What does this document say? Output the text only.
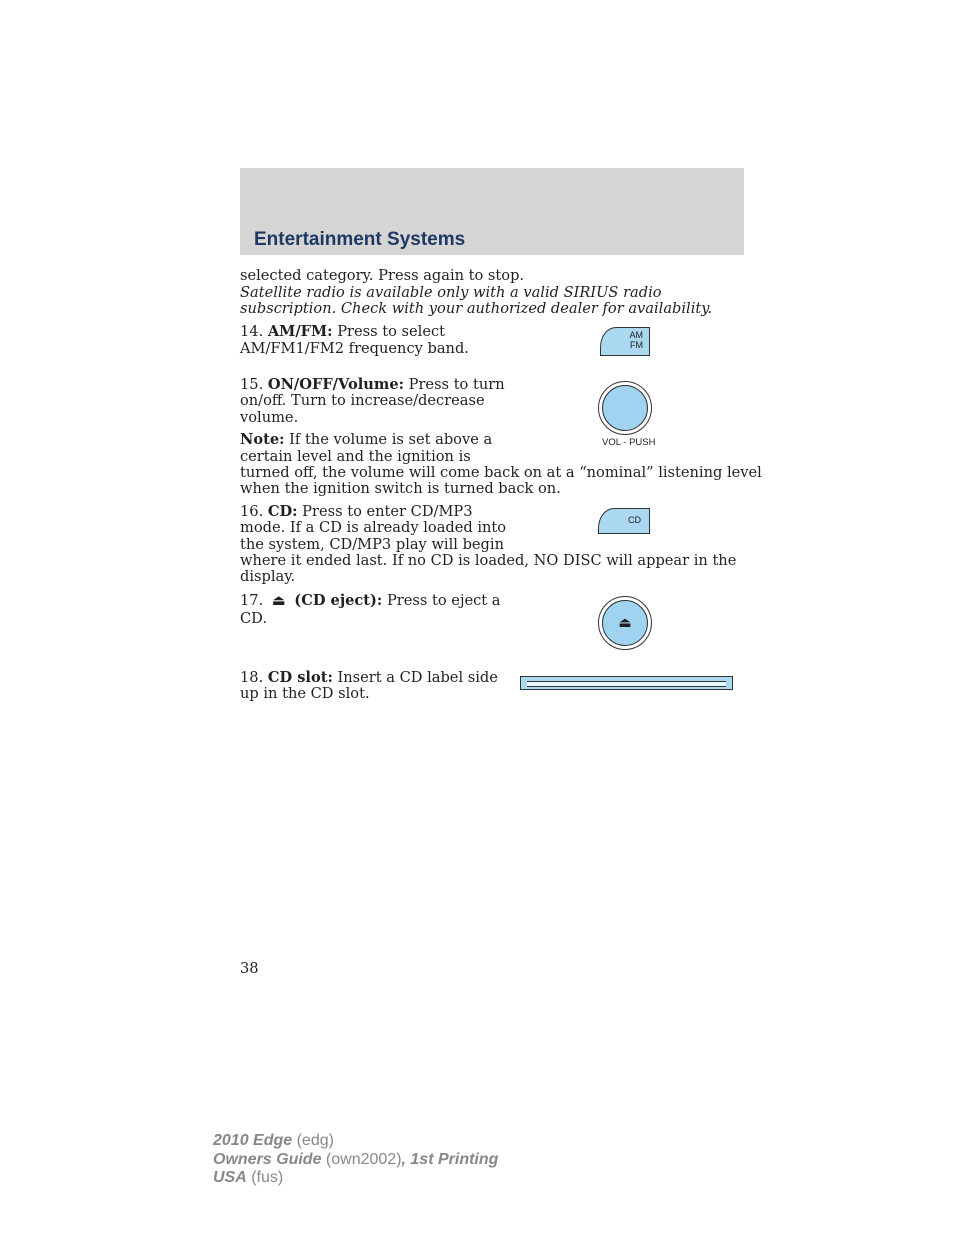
Entertainment Systems
selected category. Press again to stop.
Satellite radio is available only with a valid SIRIUS radio
subscription. Check with your authorized dealer for availability.
14. AM/FM: Press to select
AM/FM1/FM2 frequency band.
AM
FM
15. ON/OFF/Volume: Press to turn
on/off. Turn to increase/decrease
volume.
Note: If the volume is set above a
certain level and the ignition is
turned off, the volume will come back on at a “nominal” listening level
when the ignition switch is turned back on.
VOL - PUSH
16. CD: Press to enter CD/MP3
mode. If a CD is already loaded into
the system, CD/MP3 play will begin
where it ended last. If no CD is loaded, NO DISC will appear in the
display.
CD
17. ⏏ (CD eject): Press to eject a
CD.	⏏
18. CD slot: Insert a CD label side
up in the CD slot.
38
2010 Edge (edg)
Owners Guide (own2002), 1st Printing
USA (fus)
